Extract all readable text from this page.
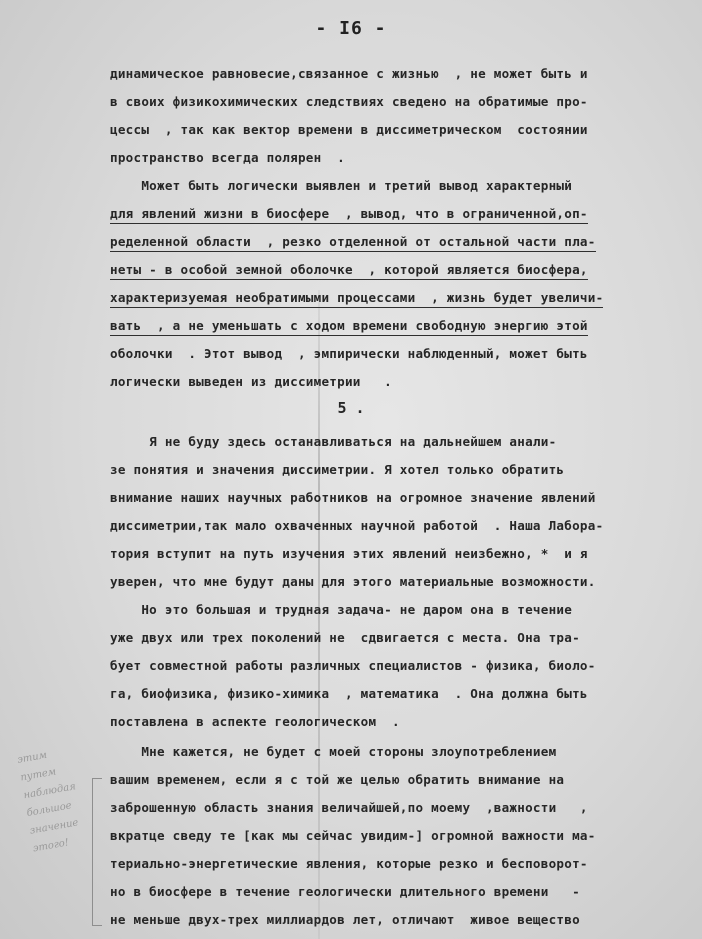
- I6 -
динамическое равновесие,связанное с жизнью  , не может быть и
в своих физикохимических следствиях сведено на обратимые про-
цессы  , так как вектор времени в диссиметрическом  состоянии
пространство всегда полярен  .
Может быть логически выявлен и третий вывод характерный
для явлений жизни в биосфере  , вывод, что в ограниченной,оп-
ределенной области  , резко отделенной от остальной части пла-
неты - в особой земной оболочке  , которой является биосфера,
характеризуемая необратимыми процессами  , жизнь будет увеличи-
вать  , а не уменьшать с ходом времени свободную энергию этой
оболочки  . Этот вывод  , эмпирически наблюденный, может быть
логически выведен из диссиметрии   .
Я не буду здесь останавливаться на дальнейшем анали-
зе понятия и значения диссиметрии. Я хотел только обратить
внимание наших научных работников на огромное значение явлений
диссиметрии,так мало охваченных научной работой  . Наша Лабора-
тория вступит на путь изучения этих явлений неизбежно, *  и я
уверен, что мне будут даны для этого материальные возможности.
Но это большая и трудная задача- не даром она в течение
уже двух или трех поколений не  сдвигается с места. Она тра-
бует совместной работы различных специалистов - физика, биоло-
га, биофизика, физико-химика  , математика  . Она должна быть
поставлена в аспекте геологическом  .
Мне кажется, не будет с моей стороны злоупотреблением
вашим временем, если я с той же целью обратить внимание на
заброшенную область знания величайшей,по моему  ,важности   ,
вкратце сведу те [как мы сейчас увидим-] огромной важности ма-
териально-энергетические явления, которые резко и бесповорот-
но в биосфере в течение геологически длительного времени   -
не меньше двух-трех миллиардов лет, отличают  живое вещество
5 .
этим
путем
наблюдая
большое
значение
этого!
